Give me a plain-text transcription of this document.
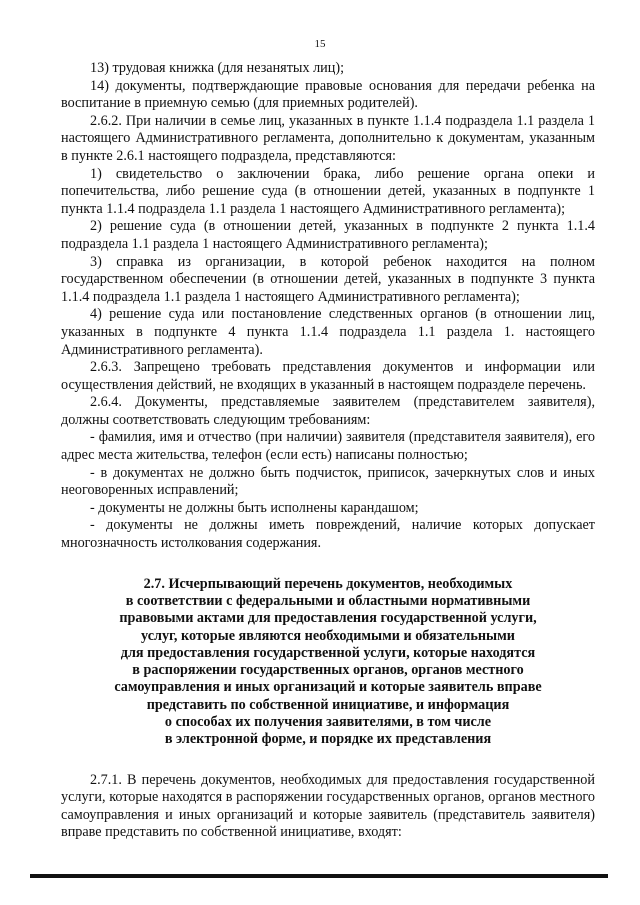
15

13) трудовая книжка (для незанятых лиц);

14) документы, подтверждающие правовые основания для передачи ребенка на воспитание в приемную семью (для приемных родителей).

2.6.2. При наличии в семье лиц, указанных в пункте 1.1.4 подраздела 1.1 раздела 1 настоящего Административного регламента, дополнительно к документам, указанным в пункте 2.6.1 настоящего подраздела, представляются:

1) свидетельство о заключении брака, либо решение органа опеки и попечительства, либо решение суда (в отношении детей, указанных в подпункте 1 пункта 1.1.4 подраздела 1.1 раздела 1 настоящего Административного регламента);

2) решение суда (в отношении детей, указанных в подпункте 2 пункта 1.1.4 подраздела 1.1 раздела 1 настоящего Административного регламента);

3) справка из организации, в которой ребенок находится на полном государственном обеспечении (в отношении детей, указанных в подпункте 3 пункта 1.1.4 подраздела 1.1 раздела 1 настоящего Административного регламента);

4) решение суда или постановление следственных органов (в отношении лиц, указанных в подпункте 4 пункта 1.1.4 подраздела 1.1 раздела 1. настоящего Административного регламента).

2.6.3. Запрещено требовать представления документов и информации или осуществления действий, не входящих в указанный в настоящем подразделе перечень.

2.6.4. Документы, представляемые заявителем (представителем заявителя), должны соответствовать следующим требованиям:

- фамилия, имя и отчество (при наличии) заявителя (представителя заявителя), его адрес места жительства, телефон (если есть) написаны полностью;

- в документах не должно быть подчисток, приписок, зачеркнутых слов и иных неоговоренных исправлений;

- документы не должны быть исполнены карандашом;

- документы не должны иметь повреждений, наличие которых допускает многозначность истолкования содержания.

2.7. Исчерпывающий перечень документов, необходимых
в соответствии с федеральными и областными нормативными
правовыми актами для предоставления государственной услуги,
услуг, которые являются необходимыми и обязательными
для предоставления государственной услуги, которые находятся
в распоряжении государственных органов, органов местного
самоуправления и иных организаций и которые заявитель вправе
представить по собственной инициативе, и информация
о способах их получения заявителями, в том числе
в электронной форме, и порядке их представления

2.7.1. В перечень документов, необходимых для предоставления государственной услуги, которые находятся в распоряжении государственных органов, органов местного самоуправления и иных организаций и которые заявитель (представитель заявителя) вправе представить по собственной инициативе, входят:
